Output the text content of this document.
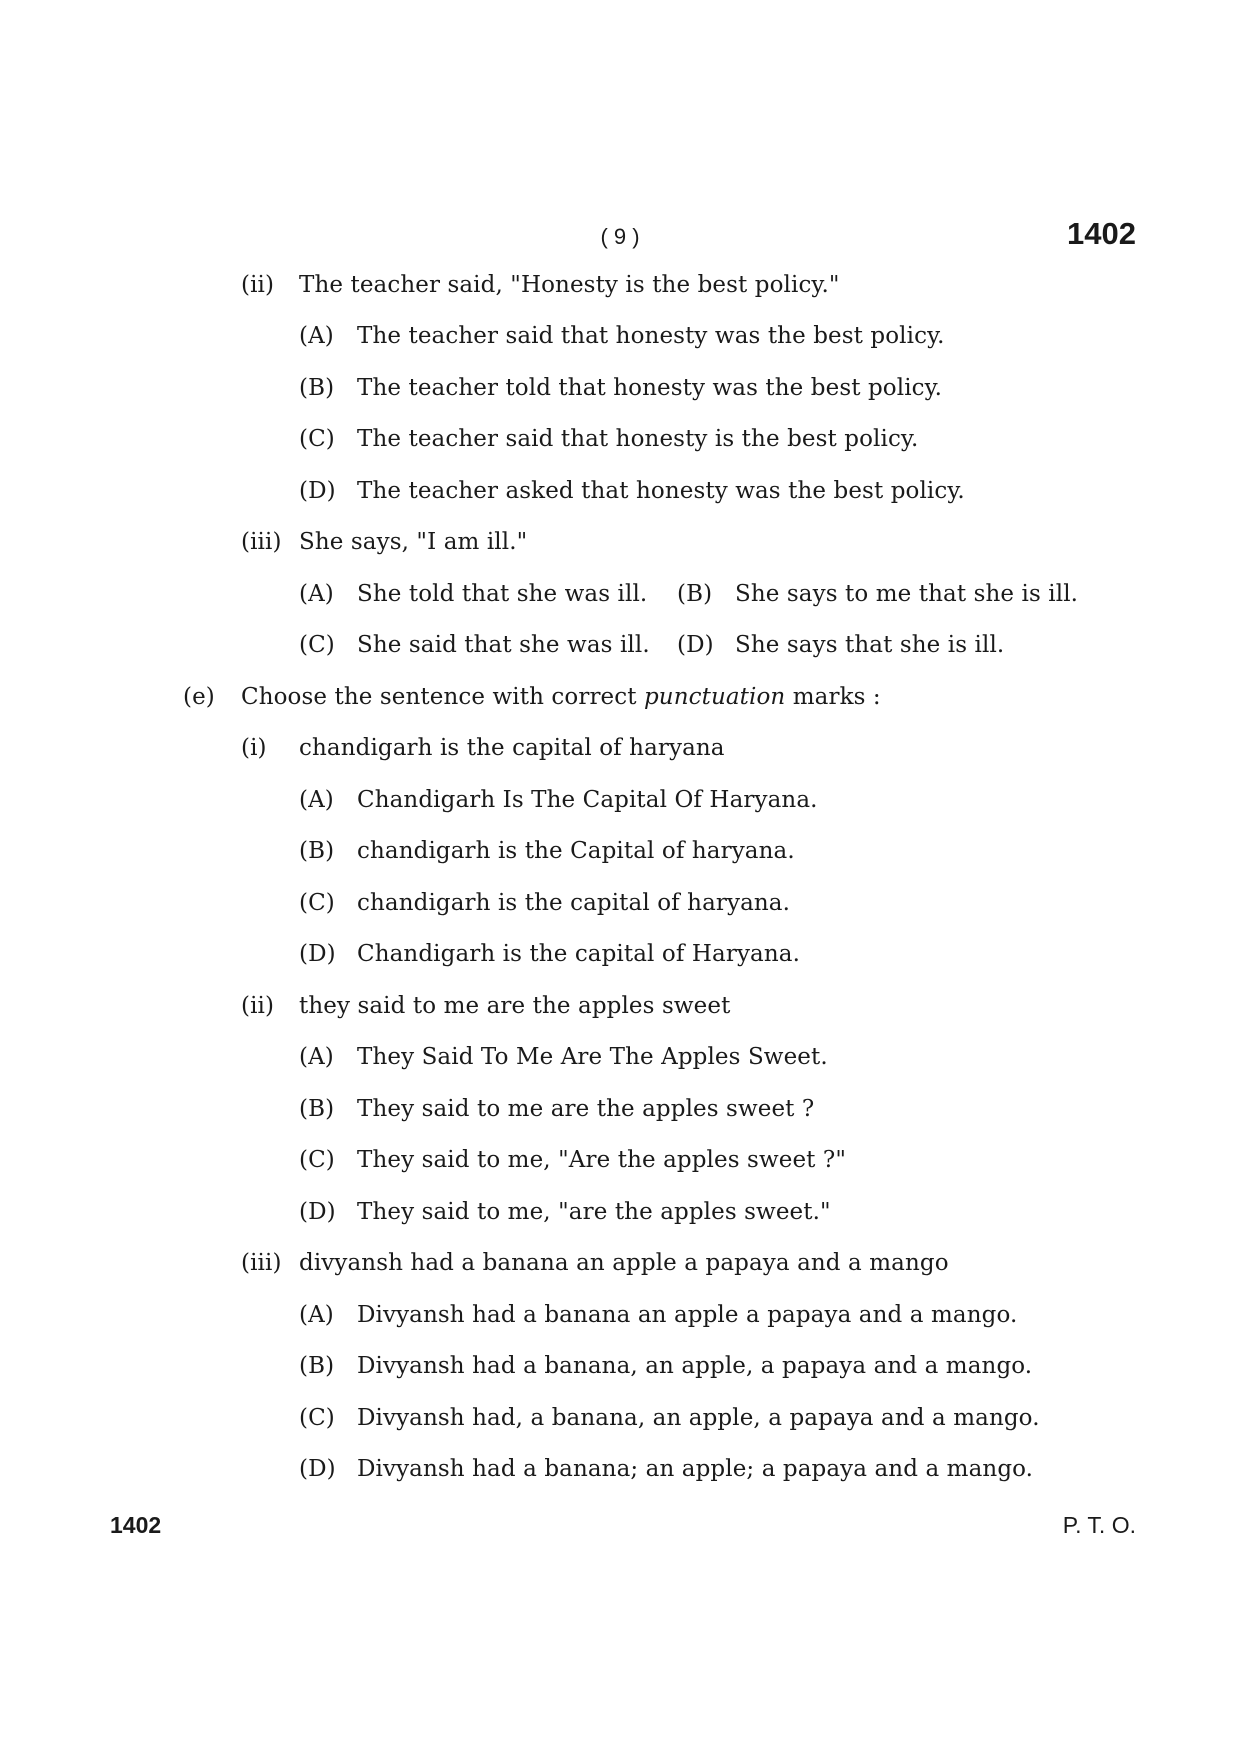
( 9 )	1402
(ii) The teacher said, "Honesty is the best policy."
(A) The teacher said that honesty was the best policy.
(B) The teacher told that honesty was the best policy.
(C) The teacher said that honesty is the best policy.
(D) The teacher asked that honesty was the best policy.
(iii) She says, "I am ill."
(A) She told that she was ill. (B) She says to me that she is ill.
(C) She said that she was ill. (D) She says that she is ill.
(e) Choose the sentence with correct punctuation marks :
(i) chandigarh is the capital of haryana
(A) Chandigarh Is The Capital Of Haryana.
(B) chandigarh is the Capital of haryana.
(C) chandigarh is the capital of haryana.
(D) Chandigarh is the capital of Haryana.
(ii) they said to me are the apples sweet
(A) They Said To Me Are The Apples Sweet.
(B) They said to me are the apples sweet ?
(C) They said to me, "Are the apples sweet ?"
(D) They said to me, "are the apples sweet."
(iii) divyansh had a banana an apple a papaya and a mango
(A) Divyansh had a banana an apple a papaya and a mango.
(B) Divyansh had a banana, an apple, a papaya and a mango.
(C) Divyansh had, a banana, an apple, a papaya and a mango.
(D) Divyansh had a banana; an apple; a papaya and a mango.
1402	P. T. O.
